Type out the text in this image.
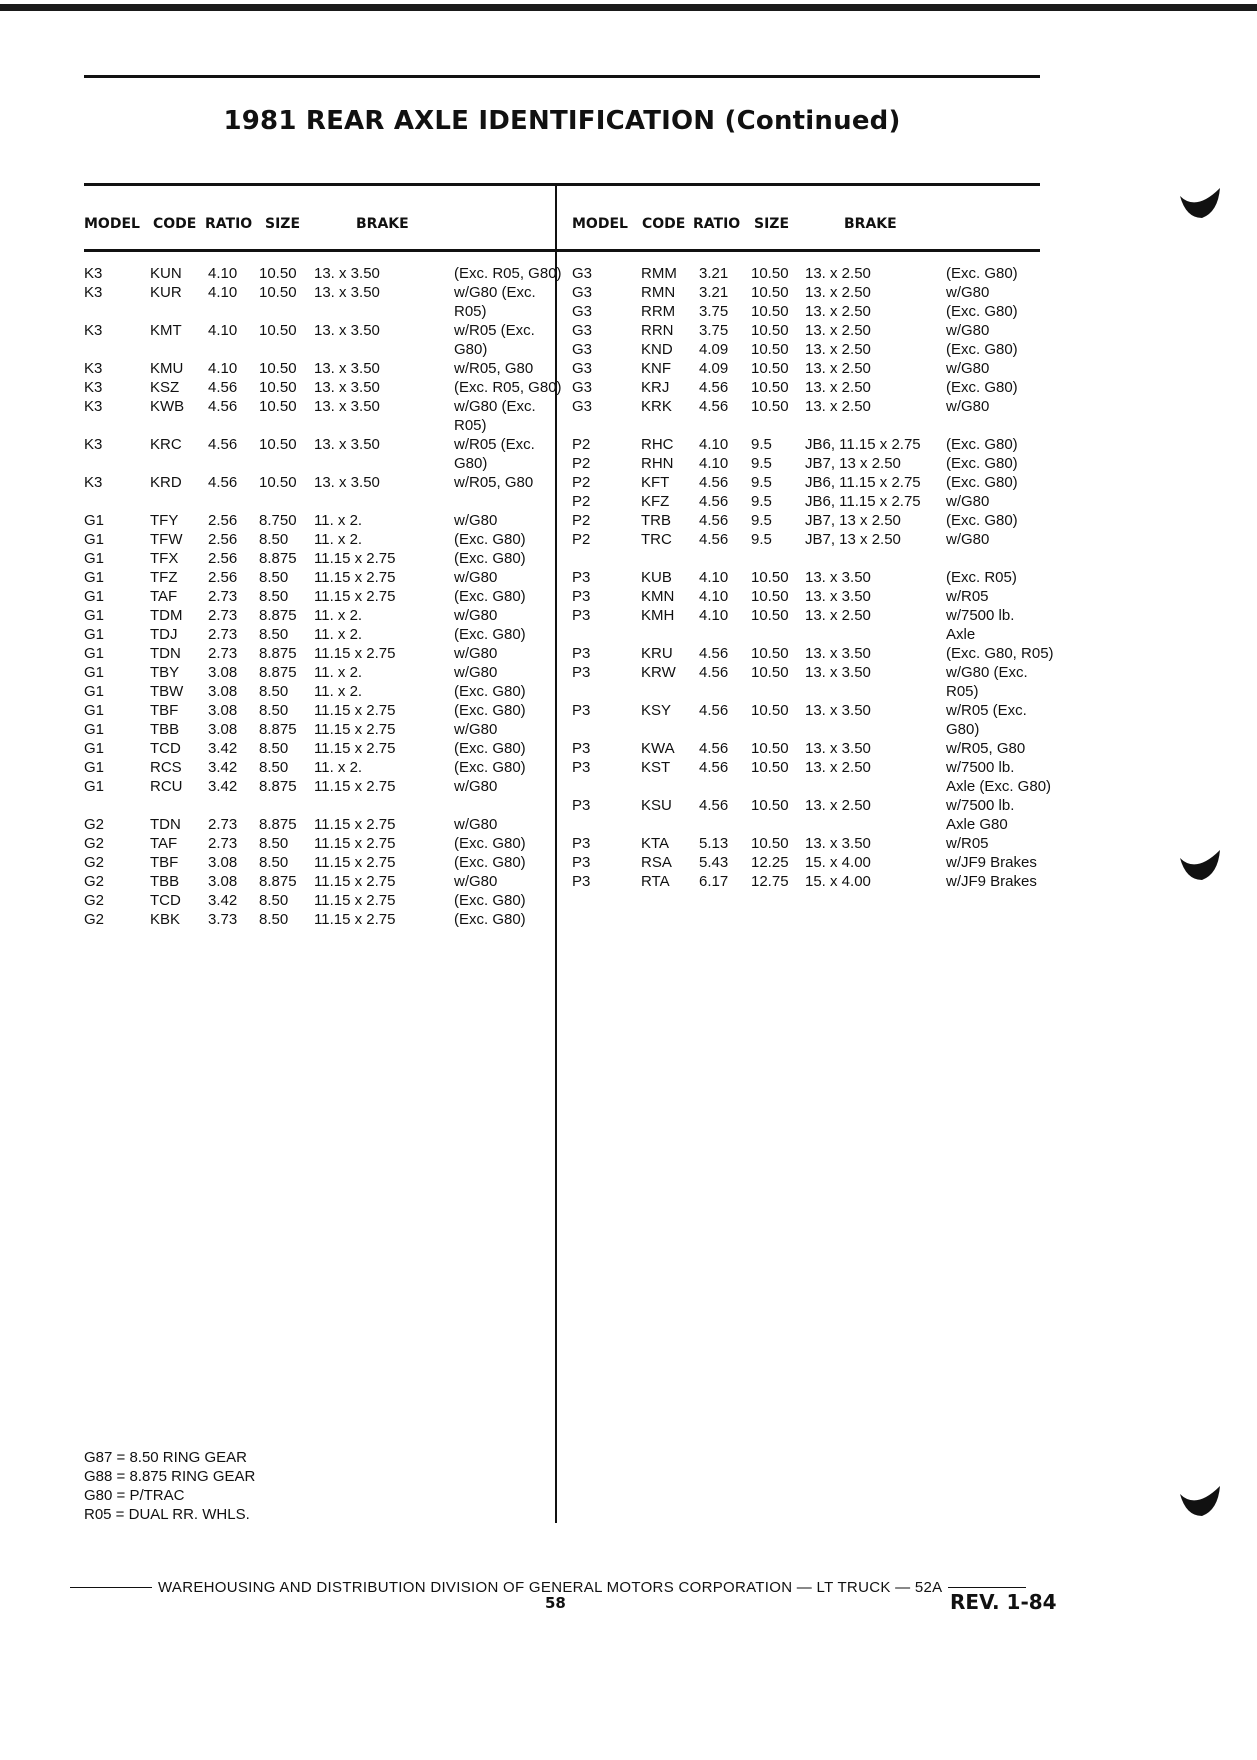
1981 REAR AXLE IDENTIFICATION (Continued)
MODEL CODE RATIO SIZE	BRAKE	MODEL CODE RATIO SIZE	BRAKE
K3	KUN 4.10 10.50 13. x 3.50	(Exc. R05, G80)
K3	KUR 4.10 10.50 13. x 3.50	w/G80 (Exc.
R05)
K3	KMT 4.10 10.50 13. x 3.50	w/R05 (Exc.
G80)
K3	KMU 4.10 10.50 13. x 3.50	w/R05, G80
K3	KSZ 4.56 10.50 13. x 3.50	(Exc. R05, G80)
K3	KWB 4.56 10.50 13. x 3.50	w/G80 (Exc.
R05)
K3	KRC 4.56 10.50 13. x 3.50	w/R05 (Exc.
G80)
K3	KRD 4.56 10.50 13. x 3.50	w/R05, G80
G1	TFY 2.56 8.750 11. x 2.	w/G80
G1	TFW 2.56 8.50 11. x 2.	(Exc. G80)
G1	TFX 2.56 8.875 11.15 x 2.75	(Exc. G80)
G1	TFZ 2.56 8.50 11.15 x 2.75	w/G80
G1	TAF 2.73 8.50 11.15 x 2.75	(Exc. G80)
G1	TDM 2.73 8.875 11. x 2.	w/G80
G1	TDJ 2.73 8.50 11. x 2.	(Exc. G80)
G1	TDN 2.73 8.875 11.15 x 2.75	w/G80
G1	TBY 3.08 8.875 11. x 2.	w/G80
G1	TBW 3.08 8.50 11. x 2.	(Exc. G80)
G1	TBF 3.08 8.50 11.15 x 2.75	(Exc. G80)
G1	TBB 3.08 8.875 11.15 x 2.75	w/G80
G1	TCD 3.42 8.50 11.15 x 2.75	(Exc. G80)
G1	RCS 3.42 8.50 11. x 2.	(Exc. G80)
G1	RCU 3.42 8.875 11.15 x 2.75	w/G80
G2	TDN 2.73 8.875 11.15 x 2.75	w/G80
G2	TAF 2.73 8.50 11.15 x 2.75	(Exc. G80)
G2	TBF 3.08 8.50 11.15 x 2.75	(Exc. G80)
G2	TBB 3.08 8.875 11.15 x 2.75	w/G80
G2	TCD 3.42 8.50 11.15 x 2.75	(Exc. G80)
G2	KBK 3.73 8.50 11.15 x 2.75	(Exc. G80)
G3	RMM 3.21 10.50 13. x 2.50	(Exc. G80)
G3	RMN 3.21 10.50 13. x 2.50	w/G80
G3	RRM 3.75 10.50 13. x 2.50	(Exc. G80)
G3	RRN 3.75 10.50 13. x 2.50	w/G80
G3	KND 4.09 10.50 13. x 2.50	(Exc. G80)
G3	KNF 4.09 10.50 13. x 2.50	w/G80
G3	KRJ 4.56 10.50 13. x 2.50	(Exc. G80)
G3	KRK 4.56 10.50 13. x 2.50	w/G80
P2	RHC 4.10 9.5 JB6, 11.15 x 2.75 (Exc. G80)
P2	RHN 4.10 9.5 JB7, 13 x 2.50	(Exc. G80)
P2	KFT 4.56 9.5 JB6, 11.15 x 2.75 (Exc. G80)
P2	KFZ 4.56 9.5 JB6, 11.15 x 2.75 w/G80
P2	TRB 4.56 9.5 JB7, 13 x 2.50	(Exc. G80)
P2	TRC 4.56 9.5 JB7, 13 x 2.50	w/G80
P3	KUB 4.10 10.50 13. x 3.50	(Exc. R05)
P3	KMN 4.10 10.50 13. x 3.50	w/R05
P3	KMH 4.10 10.50 13. x 2.50	w/7500 lb.
Axle
P3	KRU 4.56 10.50 13. x 3.50	(Exc. G80, R05)
P3	KRW 4.56 10.50 13. x 3.50	w/G80 (Exc.
R05)
P3	KSY 4.56 10.50 13. x 3.50	w/R05 (Exc.
G80)
P3	KWA 4.56 10.50 13. x 3.50	w/R05, G80
P3	KST 4.56 10.50 13. x 2.50	w/7500 lb.
Axle (Exc. G80)
P3	KSU 4.56 10.50 13. x 2.50	w/7500 lb.
Axle G80
P3	KTA 5.13 10.50 13. x 3.50	w/R05
P3	RSA 5.43 12.25 15. x 4.00	w/JF9 Brakes
P3	RTA 6.17 12.75 15. x 4.00	w/JF9 Brakes
G87 = 8.50 RING GEAR
G88 = 8.875 RING GEAR
G80 = P/TRAC
R05 = DUAL RR. WHLS.
WAREHOUSING AND DISTRIBUTION DIVISION OF GENERAL MOTORS CORPORATION — LT TRUCK — 52A
58	REV. 1-84
